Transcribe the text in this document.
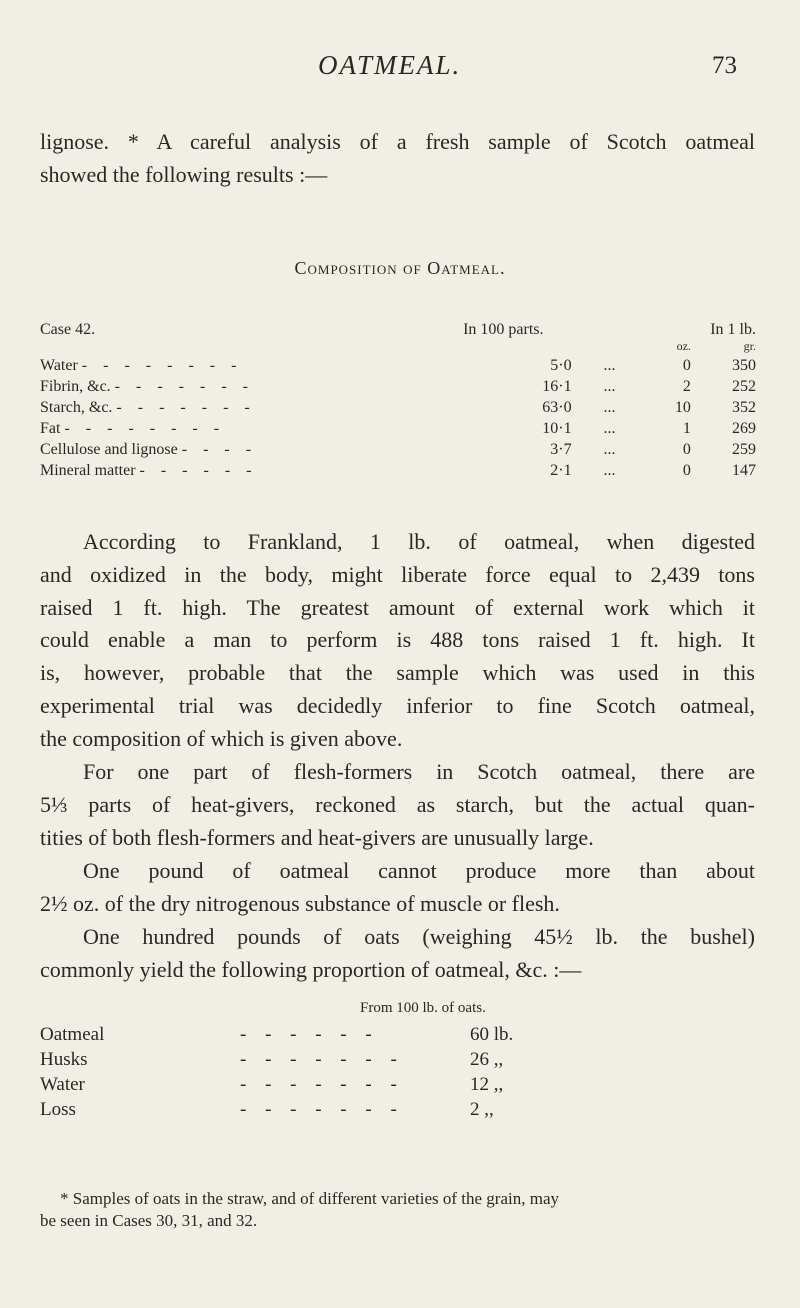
OATMEAL.	73

lignose. * A careful analysis of a fresh sample of Scotch oatmeal
showed the following results :—

Composition of Oatmeal.
Case 42.	In 100 parts.		In 1 lb.	
			oz.	gr.
Water - - - - - - - -	5·0	...	0	350
Fibrin, &c. - - - - - - -	16·1	...	2	252
Starch, &c. - - - - - - -	63·0	...	10	352
Fat - - - - - - - -	10·1	...	1	269
Cellulose and lignose - - - -	3·7	...	0	259
Mineral matter - - - - - -	2·1	...	0	147

According to Frankland, 1 lb. of oatmeal, when digested
and oxidized in the body, might liberate force equal to 2,439 tons
raised 1 ft. high. The greatest amount of external work which it
could enable a man to perform is 488 tons raised 1 ft. high. It
is, however, probable that the sample which was used in this
experimental trial was decidedly inferior to fine Scotch oatmeal,
the composition of which is given above.

For one part of flesh-formers in Scotch oatmeal, there are
5⅓ parts of heat-givers, reckoned as starch, but the actual quan-
tities of both flesh-formers and heat-givers are unusually large.

One pound of oatmeal cannot produce more than about
2½ oz. of the dry nitrogenous substance of muscle or flesh.

One hundred pounds of oats (weighing 45½ lb. the bushel)
commonly yield the following proportion of oatmeal, &c. :—

From 100 lb. of oats.
Oatmeal	- - - - - -	60 lb.
Husks	- - - - - - -	26 ,,
Water	- - - - - - -	12 ,,
Loss	- - - - - - -	2 ,,
* Samples of oats in the straw, and of different varieties of the grain, may
be seen in Cases 30, 31, and 32.
